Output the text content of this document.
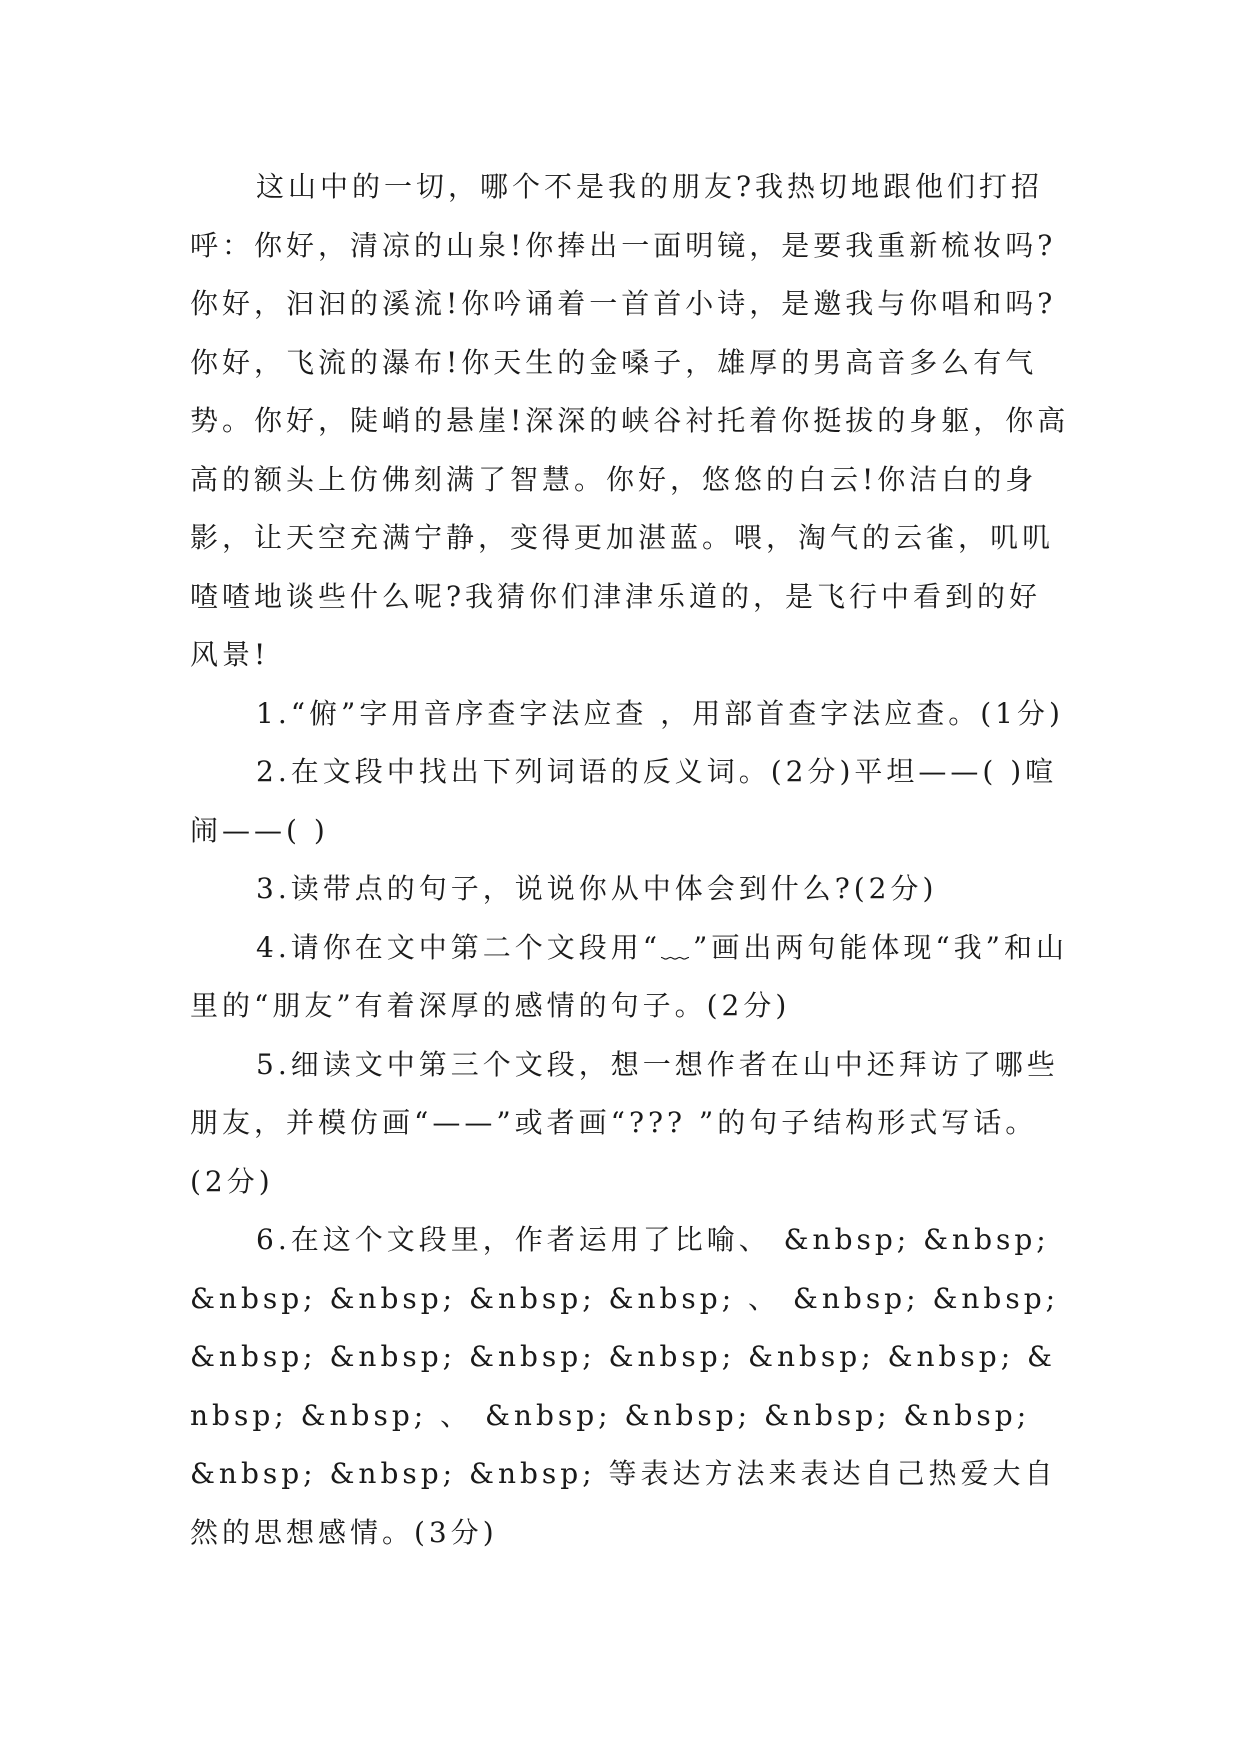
这山中的一切，哪个不是我的朋友?我热切地跟他们打招呼：你好，清凉的山泉!你捧出一面明镜，是要我重新梳妆吗?你好，汩汩的溪流!你吟诵着一首首小诗，是邀我与你唱和吗?你好，飞流的瀑布!你天生的金嗓子，雄厚的男高音多么有气势。你好，陡峭的悬崖!深深的峡谷衬托着你挺拔的身躯，你高高的额头上仿佛刻满了智慧。你好，悠悠的白云!你洁白的身影，让天空充满宁静，变得更加湛蓝。喂，淘气的云雀，叽叽喳喳地谈些什么呢?我猜你们津津乐道的，是飞行中看到的好风景!

1.“俯”字用音序查字法应查 ，用部首查字法应查。(1分)

2.在文段中找出下列词语的反义词。(2分)平坦——( )喧闹——( )

3.读带点的句子，说说你从中体会到什么?(2分)

4.请你在文中第二个文段用“﹏”画出两句能体现“我”和山里的“朋友”有着深厚的感情的句子。(2分)

5.细读文中第三个文段，想一想作者在山中还拜访了哪些朋友，并模仿画“——”或者画“??? ”的句子结构形式写话。(2分)

6.在这个文段里，作者运用了比喻、 &nbsp; &nbsp; &nbsp; &nbsp; &nbsp; &nbsp; 、 &nbsp; &nbsp; &nbsp; &nbsp; &nbsp; &nbsp; &nbsp; &nbsp; &nbsp; &nbsp; 、 &nbsp; &nbsp; &nbsp; &nbsp; &nbsp; &nbsp; &nbsp; 等表达方法来表达自己热爱大自然的思想感情。(3分)
